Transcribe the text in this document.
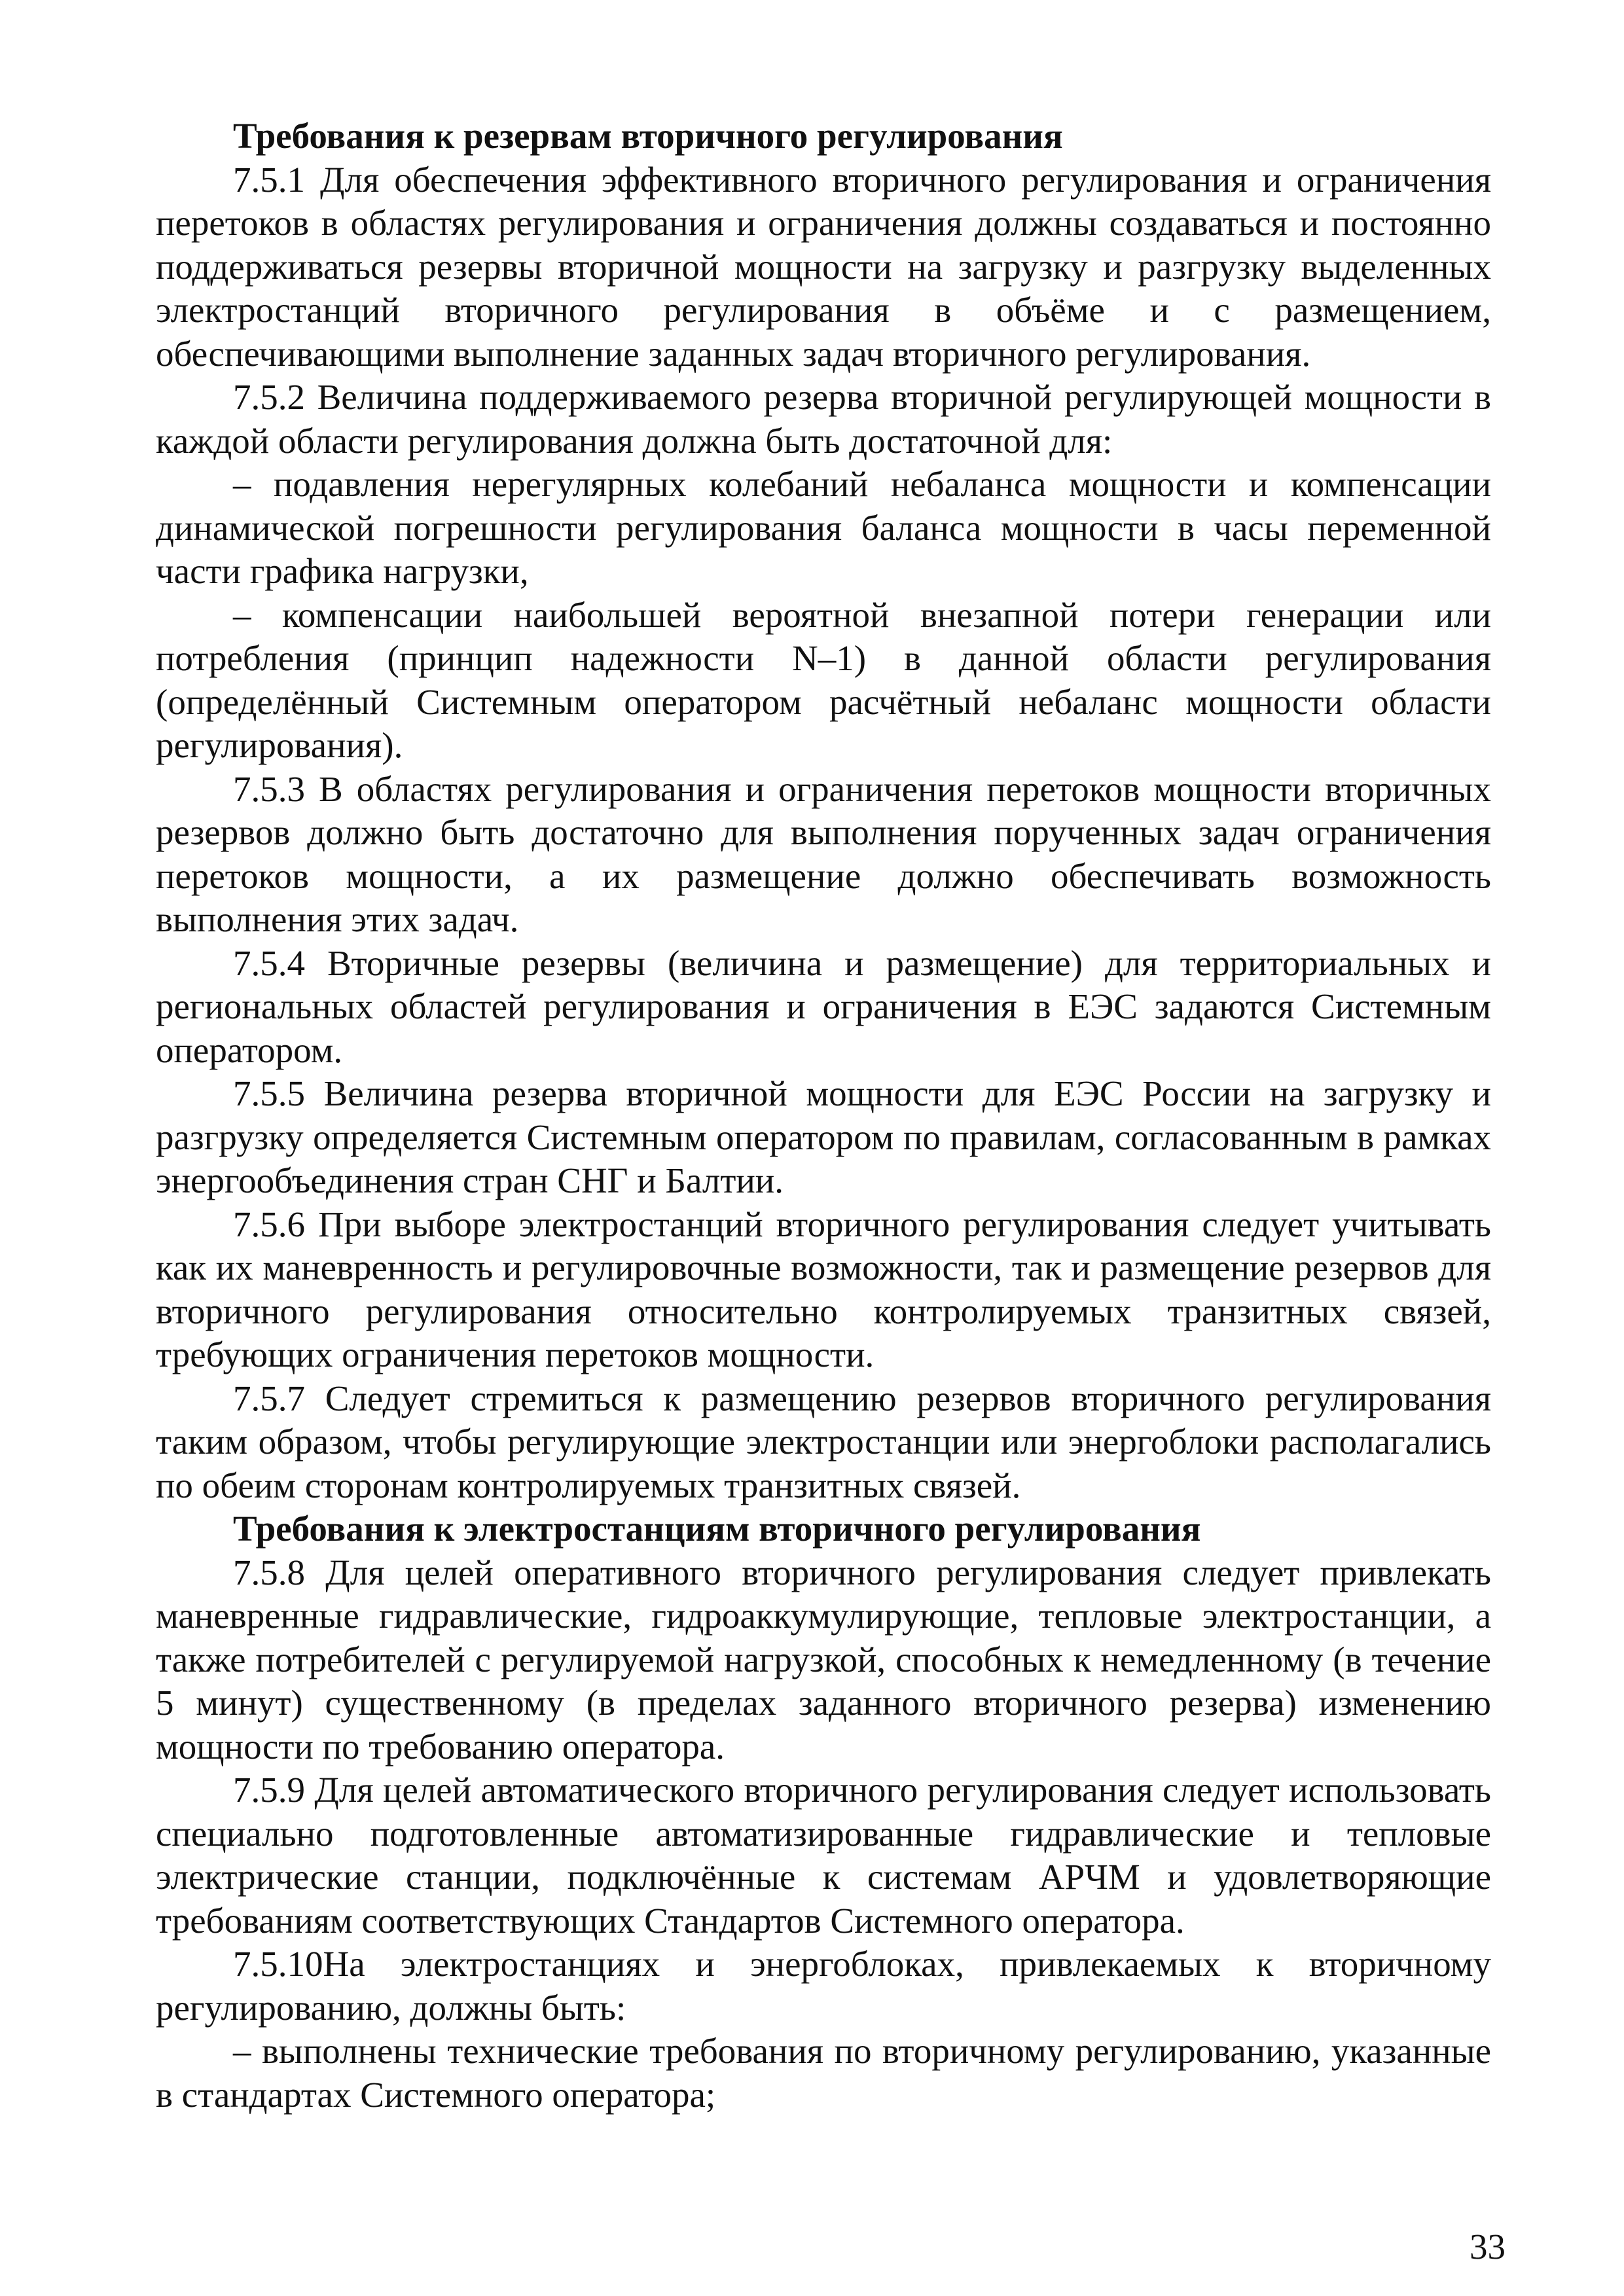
Требования к резервам вторичного регулирования

7.5.1 Для обеспечения эффективного вторичного регулирования и ограничения перетоков в областях регулирования и ограничения должны создаваться и постоянно поддерживаться резервы вторичной мощности на загрузку и разгрузку выделенных электростанций вторичного регулирования в объёме и с размещением, обеспечивающими выполнение заданных задач вторичного регулирования.

7.5.2 Величина поддерживаемого резерва вторичной регулирующей мощности в каждой области регулирования должна быть достаточной для:

– подавления нерегулярных колебаний небаланса мощности и компенсации динамической погрешности регулирования баланса мощности в часы переменной части графика нагрузки,

– компенсации наибольшей вероятной внезапной потери генерации или потребления (принцип надежности N–1) в данной области регулирования (определённый Системным оператором расчётный небаланс мощности области регулирования).

7.5.3 В областях регулирования и ограничения перетоков мощности вторичных резервов должно быть достаточно для выполнения порученных задач ограничения перетоков мощности, а их размещение должно обеспечивать возможность выполнения этих задач.

7.5.4 Вторичные резервы (величина и размещение) для территориальных и региональных областей регулирования и ограничения в ЕЭС задаются Системным оператором.

7.5.5 Величина резерва вторичной мощности для ЕЭС России на загрузку и разгрузку определяется Системным оператором по правилам, согласованным в рамках энергообъединения стран СНГ и Балтии.

7.5.6 При выборе электростанций вторичного регулирования следует учитывать как их маневренность и регулировочные возможности, так и размещение резервов для вторичного регулирования относительно контролируемых транзитных связей, требующих ограничения перетоков мощности.

7.5.7 Следует стремиться к размещению резервов вторичного регулирования таким образом, чтобы регулирующие электростанции или энергоблоки располагались по обеим сторонам контролируемых транзитных связей.

Требования к электростанциям вторичного регулирования

7.5.8 Для целей оперативного вторичного регулирования следует привлекать маневренные гидравлические, гидроаккумулирующие, тепловые электростанции, а также потребителей с регулируемой нагрузкой, способных к немедленному (в течение 5 минут) существенному (в пределах заданного вторичного резерва) изменению мощности по требованию оператора.

7.5.9 Для целей автоматического вторичного регулирования следует использовать специально подготовленные автоматизированные гидравлические и тепловые электрические станции, подключённые к системам АРЧМ и удовлетворяющие требованиям соответствующих Стандартов Системного оператора.

7.5.10На электростанциях и энергоблоках, привлекаемых к вторичному регулированию, должны быть:

– выполнены технические требования по вторичному регулированию, указанные в стандартах Системного оператора;

33
